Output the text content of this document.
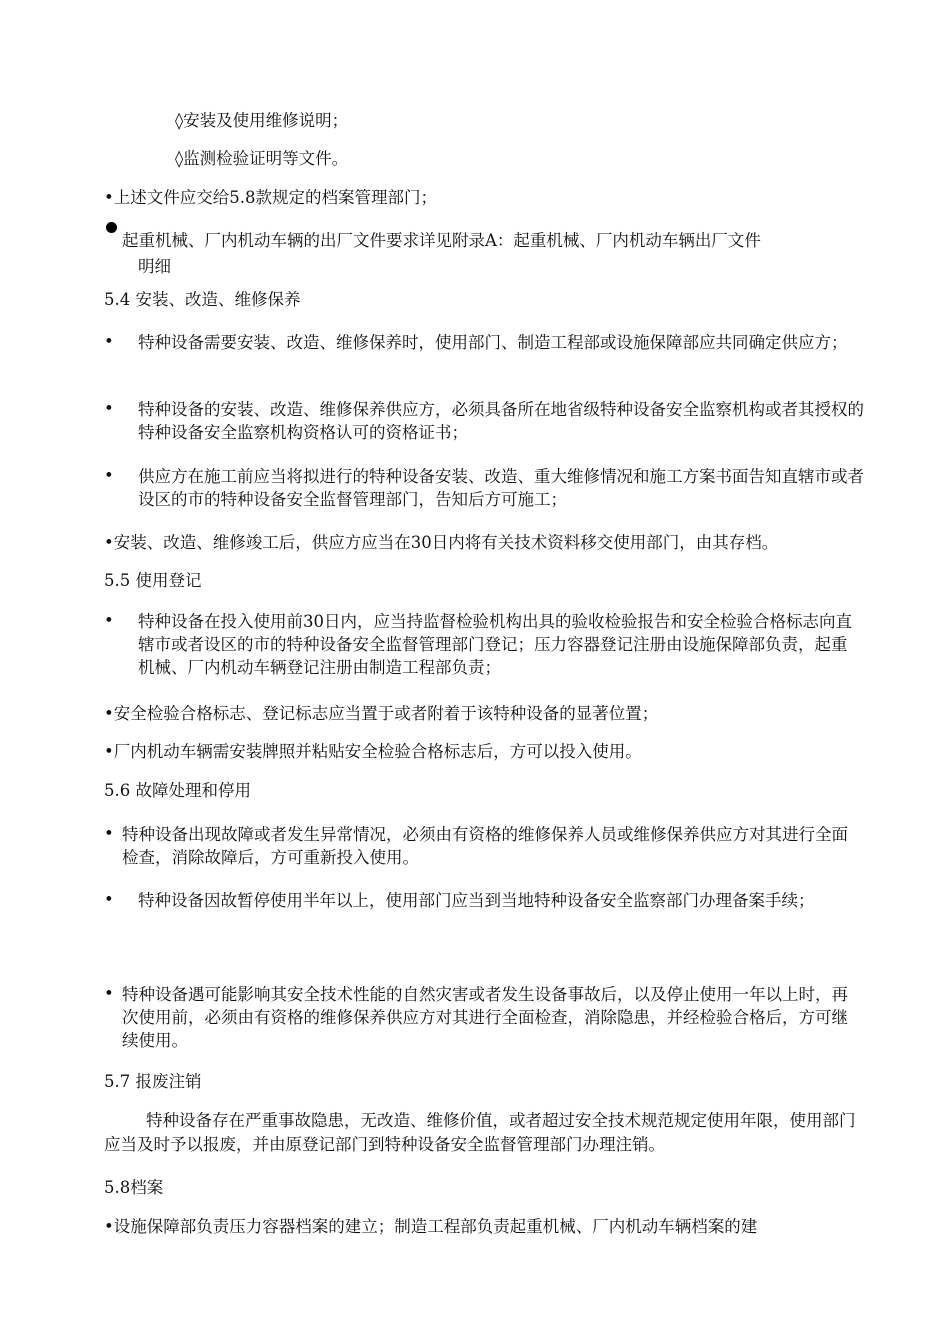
◊安装及使用维修说明；
◊监测检验证明等文件。
•上述文件应交给5.8款规定的档案管理部门；
起重机械、厂内机动车辆的出厂文件要求详见附录A：起重机械、厂内机动车辆出厂文件
明细
5.4 安装、改造、维修保养
•	特种设备需要安装、改造、维修保养时，使用部门、制造工程部或设施保障部应共同确定供应方；
•	特种设备的安装、改造、维修保养供应方，必须具备所在地省级特种设备安全监察机构或者其授权的特种设备安全监察机构资格认可的资格证书；
•	供应方在施工前应当将拟进行的特种设备安装、改造、重大维修情况和施工方案书面告知直辖市或者设区的市的特种设备安全监督管理部门，告知后方可施工；
•安装、改造、维修竣工后，供应方应当在30日内将有关技术资料移交使用部门，由其存档。
5.5 使用登记
•	特种设备在投入使用前30日内，应当持监督检验机构出具的验收检验报告和安全检验合格标志向直辖市或者设区的市的特种设备安全监督管理部门登记；压力容器登记注册由设施保障部负责，起重机械、厂内机动车辆登记注册由制造工程部负责；
•安全检验合格标志、登记标志应当置于或者附着于该特种设备的显著位置；
•厂内机动车辆需安装牌照并粘贴安全检验合格标志后，方可以投入使用。
5.6 故障处理和停用
• 特种设备出现故障或者发生异常情况，必须由有资格的维修保养人员或维修保养供应方对其进行全面检查，消除故障后，方可重新投入使用。
•	特种设备因故暂停使用半年以上，使用部门应当到当地特种设备安全监察部门办理备案手续；
• 特种设备遇可能影响其安全技术性能的自然灾害或者发生设备事故后，以及停止使用一年以上时，再次使用前，必须由有资格的维修保养供应方对其进行全面检查，消除隐患，并经检验合格后，方可继续使用。
5.7 报废注销
特种设备存在严重事故隐患，无改造、维修价值，或者超过安全技术规范规定使用年限，使用部门应当及时予以报废，并由原登记部门到特种设备安全监督管理部门办理注销。
5.8档案
•设施保障部负责压力容器档案的建立；制造工程部负责起重机械、厂内机动车辆档案的建
